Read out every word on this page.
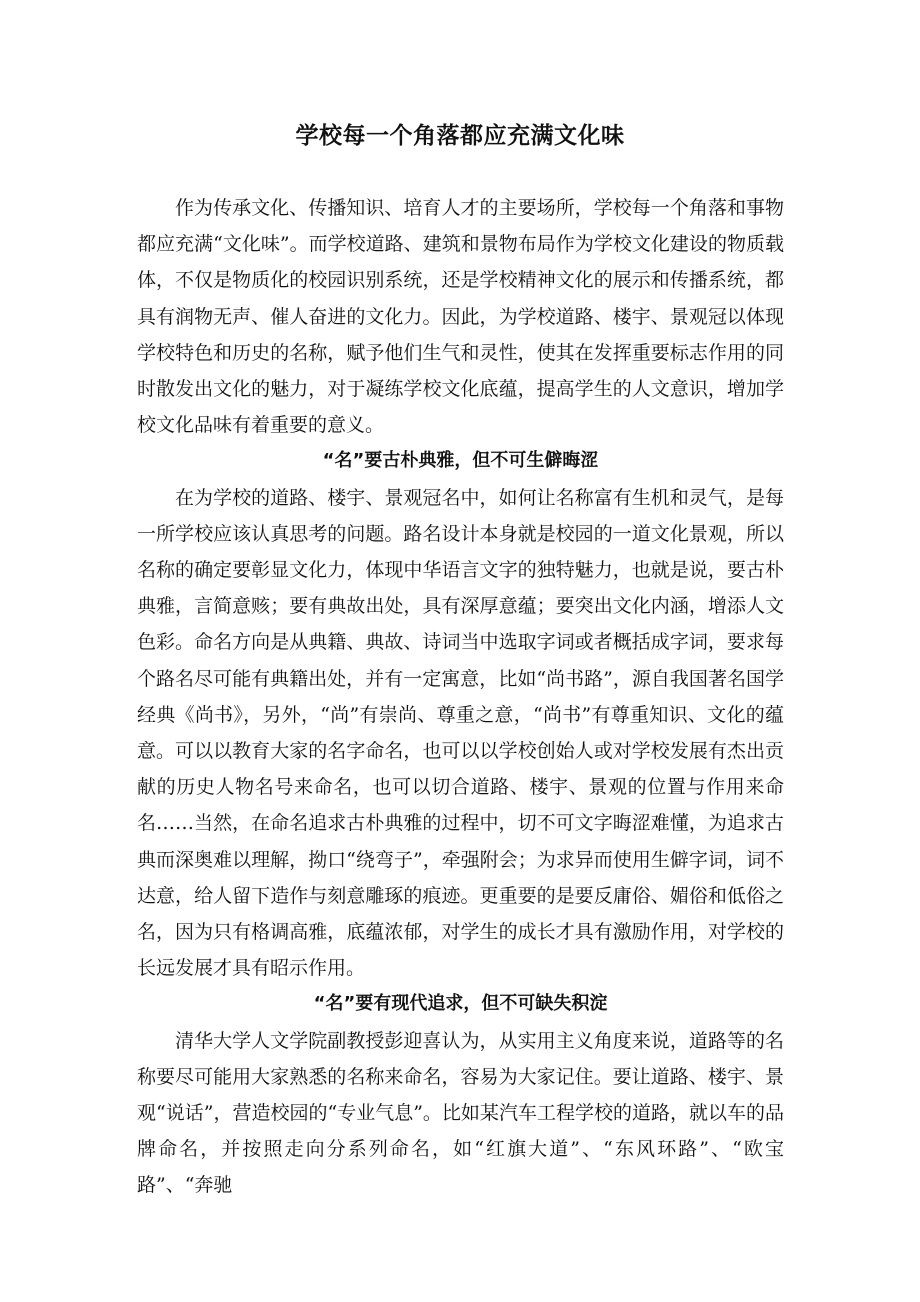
学校每一个角落都应充满文化味

作为传承文化、传播知识、培育人才的主要场所，学校每一个角落和事物都应充满“文化味”。而学校道路、建筑和景物布局作为学校文化建设的物质载体，不仅是物质化的校园识别系统，还是学校精神文化的展示和传播系统，都具有润物无声、催人奋进的文化力。因此，为学校道路、楼宇、景观冠以体现学校特色和历史的名称，赋予他们生气和灵性，使其在发挥重要标志作用的同时散发出文化的魅力，对于凝练学校文化底蕴，提高学生的人文意识，增加学校文化品味有着重要的意义。

“名”要古朴典雅，但不可生僻晦涩

在为学校的道路、楼宇、景观冠名中，如何让名称富有生机和灵气，是每一所学校应该认真思考的问题。路名设计本身就是校园的一道文化景观，所以名称的确定要彰显文化力，体现中华语言文字的独特魅力，也就是说，要古朴典雅，言简意赅；要有典故出处，具有深厚意蕴；要突出文化内涵，增添人文色彩。命名方向是从典籍、典故、诗词当中选取字词或者概括成字词，要求每个路名尽可能有典籍出处，并有一定寓意，比如“尚书路”，源自我国著名国学经典《尚书》，另外，“尚”有崇尚、尊重之意，“尚书”有尊重知识、文化的蕴意。可以以教育大家的名字命名，也可以以学校创始人或对学校发展有杰出贡献的历史人物名号来命名，也可以切合道路、楼宇、景观的位置与作用来命名……当然，在命名追求古朴典雅的过程中，切不可文字晦涩难懂，为追求古典而深奥难以理解，拗口“绕弯子”，牵强附会；为求异而使用生僻字词，词不达意，给人留下造作与刻意雕琢的痕迹。更重要的是要反庸俗、媚俗和低俗之名，因为只有格调高雅，底蕴浓郁，对学生的成长才具有激励作用，对学校的长远发展才具有昭示作用。

“名”要有现代追求，但不可缺失积淀

清华大学人文学院副教授彭迎喜认为，从实用主义角度来说，道路等的名称要尽可能用大家熟悉的名称来命名，容易为大家记住。要让道路、楼宇、景观“说话”，营造校园的“专业气息”。比如某汽车工程学校的道路，就以车的品牌命名，并按照走向分系列命名，如“红旗大道”、“东风环路”、“欧宝路”、“奔驰
